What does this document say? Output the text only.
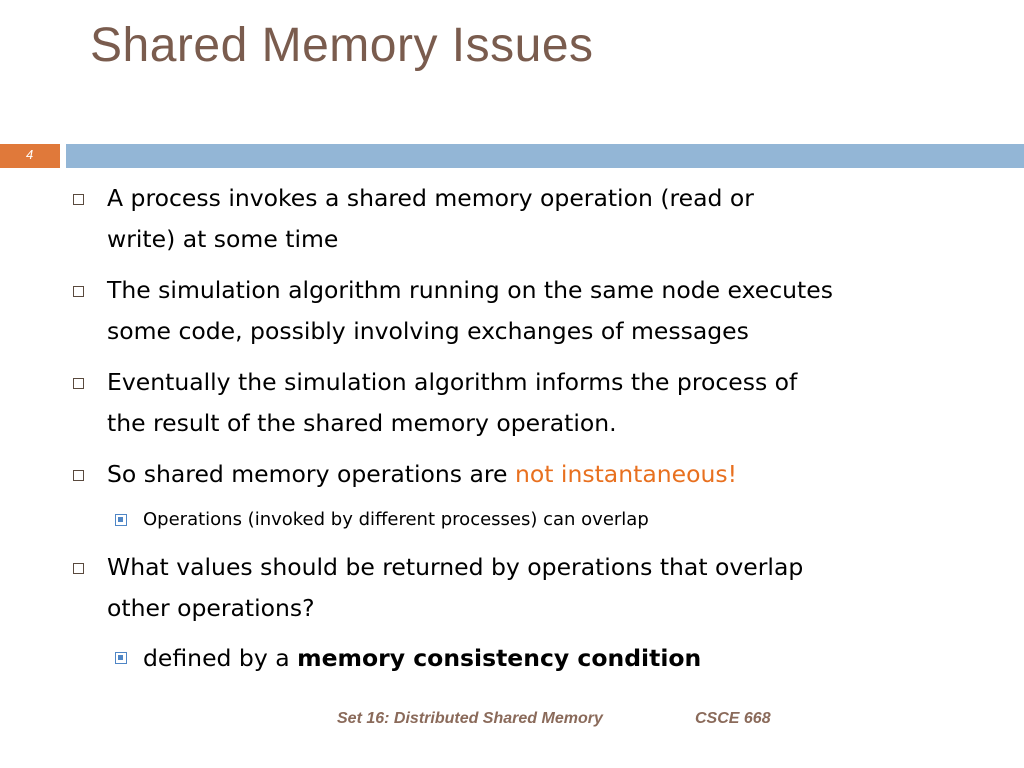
Shared Memory Issues
4
A process invokes a shared memory operation (read or
write) at some time
The simulation algorithm running on the same node executes
some code, possibly involving exchanges of messages
Eventually the simulation algorithm informs the process of
the result of the shared memory operation.
So shared memory operations are not instantaneous!
Operations (invoked by different processes) can overlap
What values should be returned by operations that overlap
other operations?
defined by a memory consistency condition
Set 16: Distributed Shared Memory	CSCE 668
